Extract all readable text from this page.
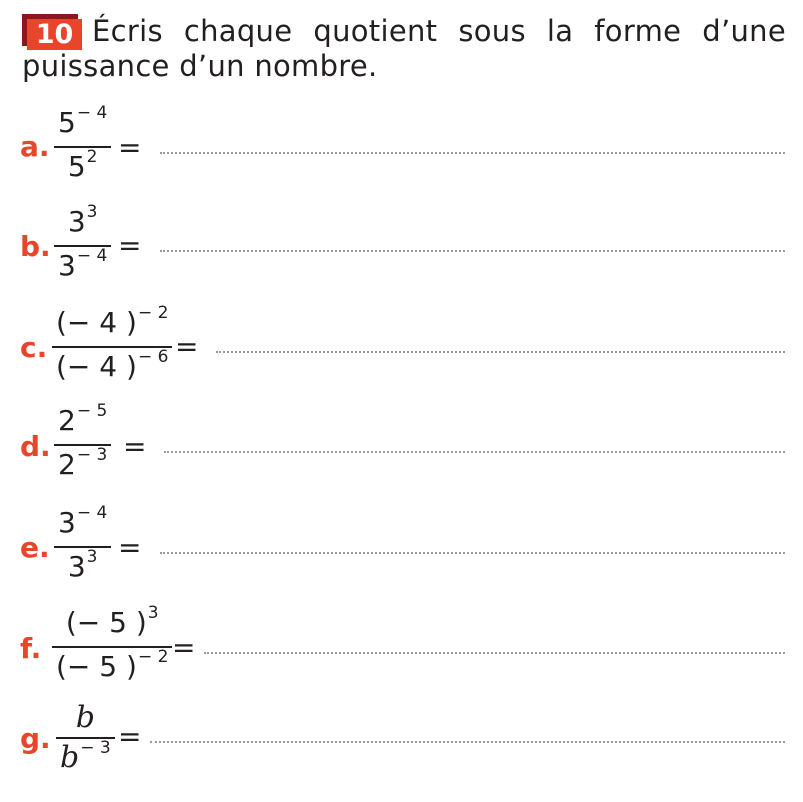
10 Écris chaque quotient sous la forme d’une puissance d’un nombre.
a.
$5^{- 4}$
$5^2$ =
b.
$3^3$
$3^{- 4}$ =
c.
(− 4 )$^{- 2}$
(− 4 )$^{- 6}$ =
d.
$2^{- 5}$
$2^{- 3}$ =
e.
$3^{- 4}$
$3^3$ =
f.
(− 5 )$^3$
(− 5 )$^{- 2}$ =
g.
b
$b^{- 3}$ =
